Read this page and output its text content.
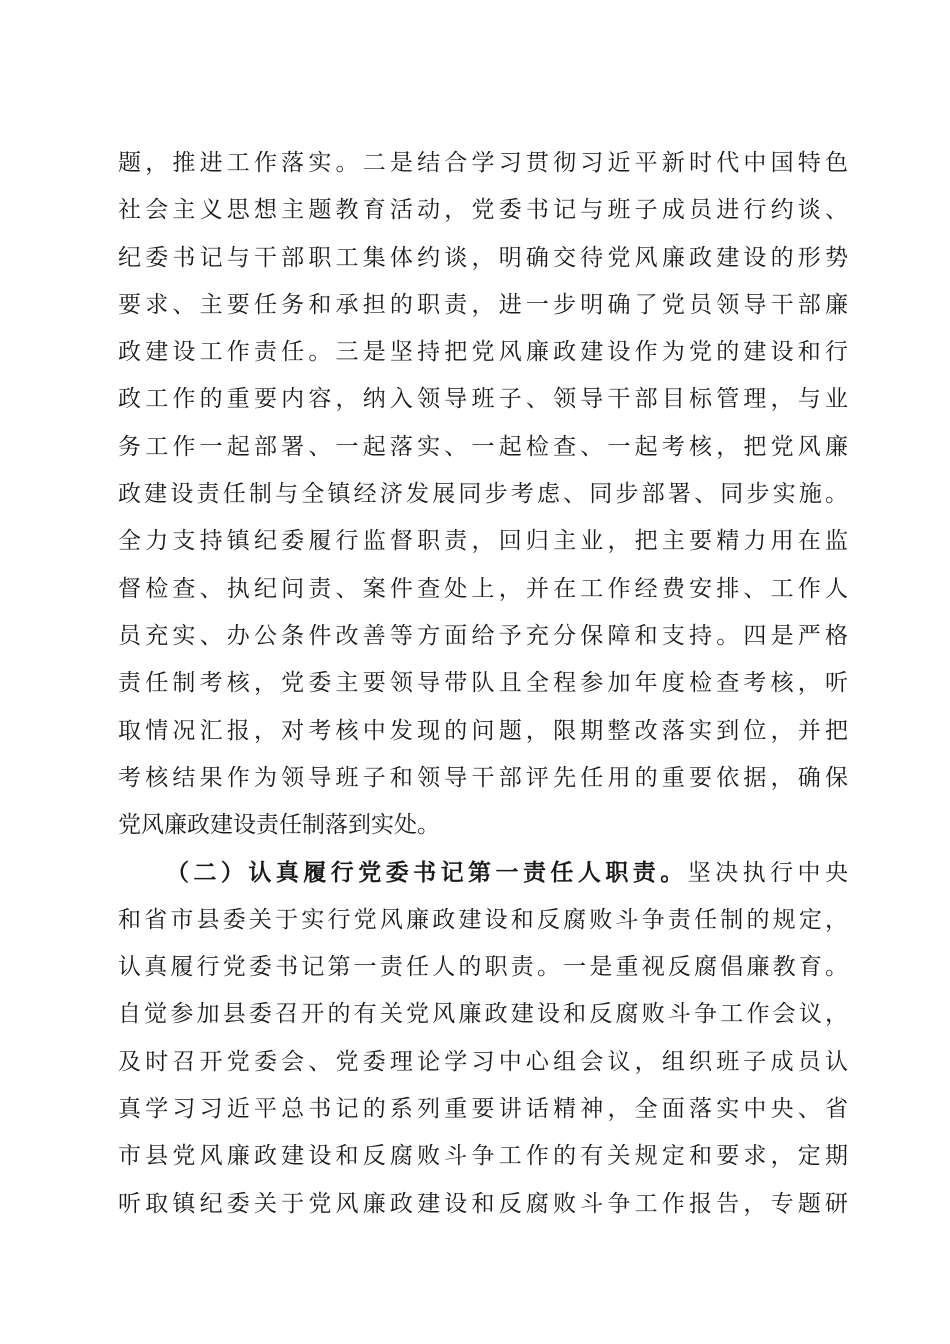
题，推进工作落实。二是结合学习贯彻习近平新时代中国特色
社会主义思想主题教育活动，党委书记与班子成员进行约谈、
纪委书记与干部职工集体约谈，明确交待党风廉政建设的形势
要求、主要任务和承担的职责，进一步明确了党员领导干部廉
政建设工作责任。三是坚持把党风廉政建设作为党的建设和行
政工作的重要内容，纳入领导班子、领导干部目标管理，与业
务工作一起部署、一起落实、一起检查、一起考核，把党风廉
政建设责任制与全镇经济发展同步考虑、同步部署、同步实施。
全力支持镇纪委履行监督职责，回归主业，把主要精力用在监
督检查、执纪问责、案件查处上，并在工作经费安排、工作人
员充实、办公条件改善等方面给予充分保障和支持。四是严格
责任制考核，党委主要领导带队且全程参加年度检查考核，听
取情况汇报，对考核中发现的问题，限期整改落实到位，并把
考核结果作为领导班子和领导干部评先任用的重要依据，确保
党风廉政建设责任制落到实处。
（二）认真履行党委书记第一责任人职责。坚决执行中央
和省市县委关于实行党风廉政建设和反腐败斗争责任制的规定，
认真履行党委书记第一责任人的职责。一是重视反腐倡廉教育。
自觉参加县委召开的有关党风廉政建设和反腐败斗争工作会议，
及时召开党委会、党委理论学习中心组会议，组织班子成员认
真学习习近平总书记的系列重要讲话精神，全面落实中央、省
市县党风廉政建设和反腐败斗争工作的有关规定和要求，定期
听取镇纪委关于党风廉政建设和反腐败斗争工作报告，专题研
